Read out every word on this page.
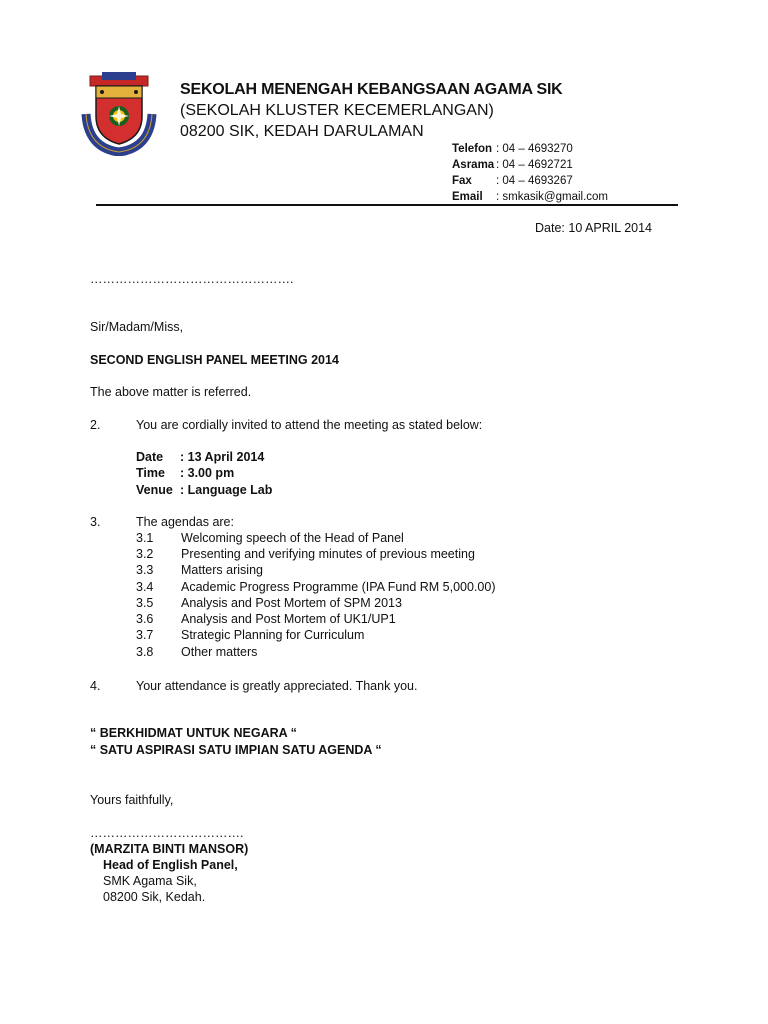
SEKOLAH MENENGAH KEBANGSAAN AGAMA SIK
(SEKOLAH KLUSTER KECEMERLANGAN)
08200 SIK, KEDAH DARULAMAN
Telefon : 04 – 4693270
Asrama : 04 – 4692721
Fax	: 04 – 4693267
Email	: smkasik@gmail.com
Date: 10 APRIL 2014
………………………………………….
Sir/Madam/Miss,
SECOND ENGLISH PANEL MEETING 2014
The above matter is referred.
2.	You are cordially invited to attend the meeting as stated below:
Date : 13 April 2014
Time : 3.00 pm
Venue : Language Lab
3.	The agendas are:
3.1 Welcoming speech of the Head of Panel
3.2 Presenting and verifying minutes of previous meeting
3.3 Matters arising
3.4 Academic Progress Programme (IPA Fund RM 5,000.00)
3.5 Analysis and Post Mortem of SPM 2013
3.6 Analysis and Post Mortem of UK1/UP1
3.7 Strategic Planning for Curriculum
3.8 Other matters
4.	Your attendance is greatly appreciated. Thank you.
“ BERKHIDMAT UNTUK NEGARA “
“ SATU ASPIRASI SATU IMPIAN SATU AGENDA “
Yours faithfully,
……………………………….
(MARZITA BINTI MANSOR)
Head of English Panel,
SMK Agama Sik,
08200 Sik, Kedah.
